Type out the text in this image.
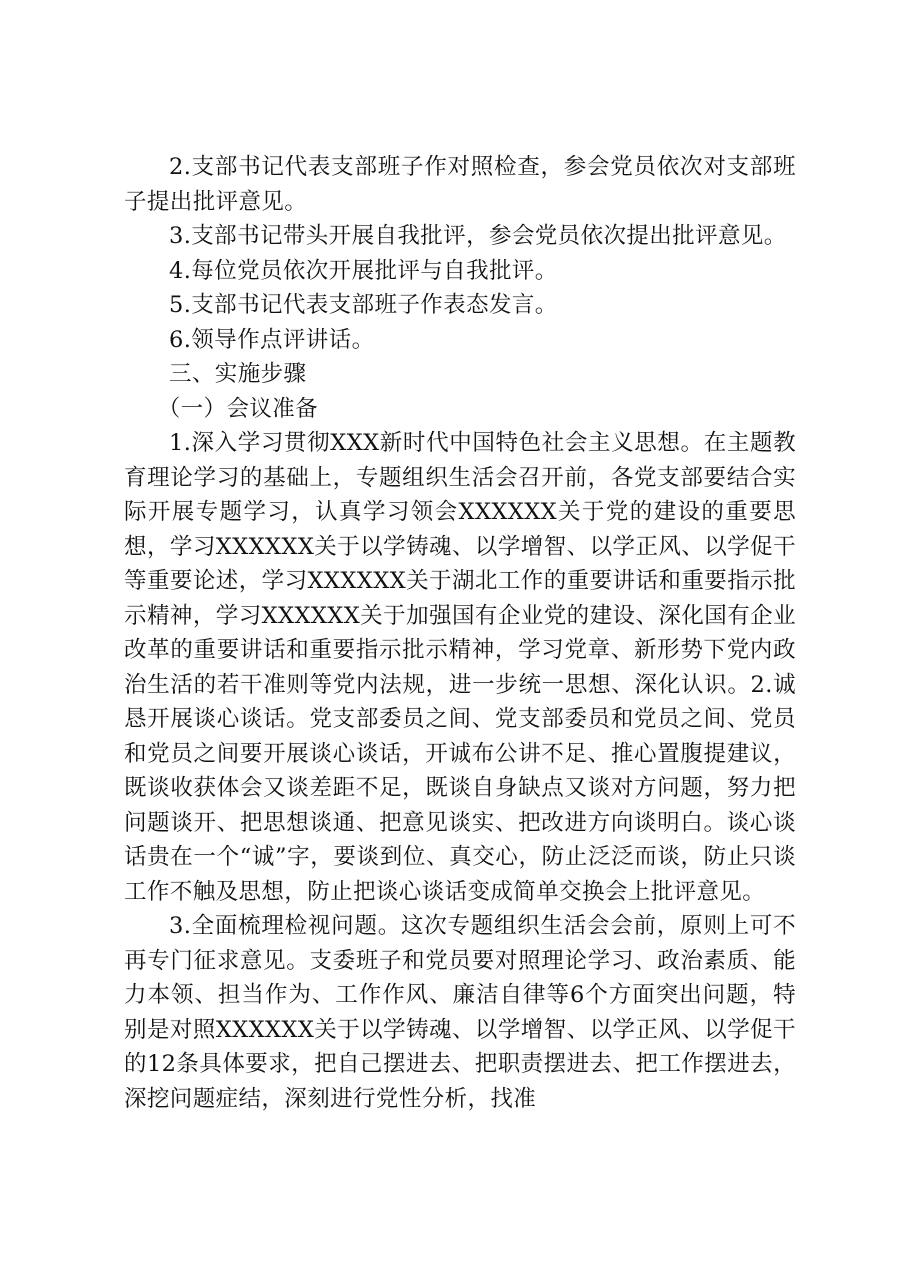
2.支部书记代表支部班子作对照检查，参会党员依次对支部班子提出批评意见。

3.支部书记带头开展自我批评，参会党员依次提出批评意见。

4.每位党员依次开展批评与自我批评。

5.支部书记代表支部班子作表态发言。

6.领导作点评讲话。

三、实施步骤

（一）会议准备

1.深入学习贯彻XXX新时代中国特色社会主义思想。在主题教育理论学习的基础上，专题组织生活会召开前，各党支部要结合实际开展专题学习，认真学习领会XXXXXX关于党的建设的重要思想，学习XXXXXX关于以学铸魂、以学增智、以学正风、以学促干等重要论述，学习XXXXXX关于湖北工作的重要讲话和重要指示批示精神，学习XXXXXX关于加强国有企业党的建设、深化国有企业改革的重要讲话和重要指示批示精神，学习党章、新形势下党内政治生活的若干准则等党内法规，进一步统一思想、深化认识。2.诚恳开展谈心谈话。党支部委员之间、党支部委员和党员之间、党员和党员之间要开展谈心谈话，开诚布公讲不足、推心置腹提建议，既谈收获体会又谈差距不足，既谈自身缺点又谈对方问题，努力把问题谈开、把思想谈通、把意见谈实、把改进方向谈明白。谈心谈话贵在一个“诚”字，要谈到位、真交心，防止泛泛而谈，防止只谈工作不触及思想，防止把谈心谈话变成简单交换会上批评意见。

3.全面梳理检视问题。这次专题组织生活会会前，原则上可不再专门征求意见。支委班子和党员要对照理论学习、政治素质、能力本领、担当作为、工作作风、廉洁自律等6个方面突出问题，特别是对照XXXXXX关于以学铸魂、以学增智、以学正风、以学促干的12条具体要求，把自己摆进去、把职责摆进去、把工作摆进去，深挖问题症结，深刻进行党性分析，找准
